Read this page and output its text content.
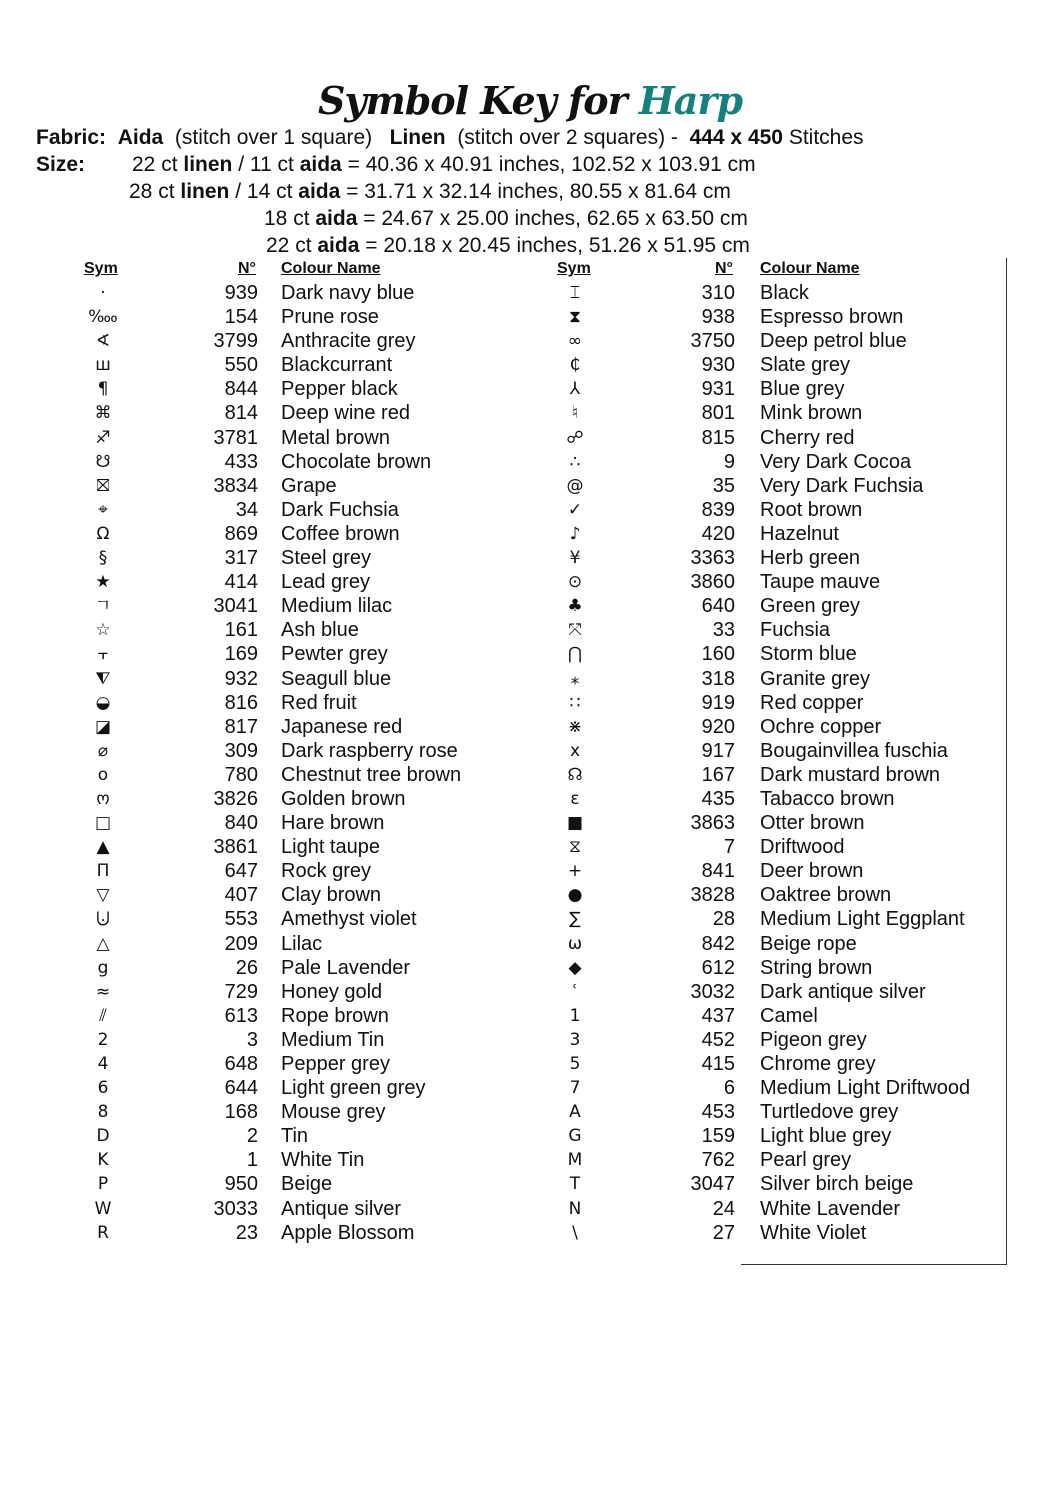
Symbol Key for Harp
Fabric: Aida (stitch over 1 square) Linen (stitch over 2 squares) - 444 x 450 Stitches
Size: 22 ct linen / 11 ct aida = 40.36 x 40.91 inches, 102.52 x 103.91 cm
28 ct linen / 14 ct aida = 31.71 x 32.14 inches, 80.55 x 81.64 cm
18 ct aida = 24.67 x 25.00 inches, 62.65 x 63.50 cm
22 ct aida = 20.18 x 20.45 inches, 51.26 x 51.95 cm
Sym	N° Colour Name	Sym	N° Colour Name
·	939 Dark navy blue
‱	154 Prune rose
∢	3799 Anthracite grey
ш	550 Blackcurrant
¶	844 Pepper black
⌘	814 Deep wine red
♐	3781 Metal brown
☋	433 Chocolate brown
⛝	3834 Grape
⌖	34 Dark Fuchsia
Ω	869 Coffee brown
§	317 Steel grey
★	414 Lead grey
ㄱ	3041 Medium lilac
☆	161 Ash blue
⫟	169 Pewter grey
⧨	932 Seagull blue
◒	816 Red fruit
◪	817 Japanese red
⌀	309 Dark raspberry rose
o	780 Chestnut tree brown
ო	3826 Golden brown
□	840 Hare brown
▲	3861 Light taupe
Π	647 Rock grey
▽	407 Clay brown
⨃	553 Amethyst violet
△	209 Lilac
g	26 Pale Lavender
≈	729 Honey gold
⫽	613 Rope brown
2	3 Medium Tin
4	648 Pepper grey
6	644 Light green grey
8	168 Mouse grey
D	2 Tin
K	1 White Tin
P	950 Beige
W	3033 Antique silver
R	23 Apple Blossom
⌶	310 Black
⧗	938 Espresso brown
∞	3750 Deep petrol blue
₵	930 Slate grey
⅄	931 Blue grey
♮	801 Mink brown
☍	815 Cherry red
∴	9 Very Dark Cocoa
@	35 Very Dark Fuchsia
✓	839 Root brown
♪	420 Hazelnut
¥	3363 Herb green
⊙	3860 Taupe mauve
♣	640 Green grey
⤧	33 Fuchsia
⋂	160 Storm blue
⁎	318 Granite grey
∷	919 Red copper
⋇	920 Ochre copper
x	917 Bougainvillea fuschia
☊	167 Dark mustard brown
ε	435 Tabacco brown
■	3863 Otter brown
⧖	7 Driftwood
+	841 Deer brown
●	3828 Oaktree brown
∑	28 Medium Light Eggplant
ω	842 Beige rope
◆	612 String brown
ʿ	3032 Dark antique silver
1	437 Camel
3	452 Pigeon grey
5	415 Chrome grey
7	6 Medium Light Driftwood
A	453 Turtledove grey
G	159 Light blue grey
M	762 Pearl grey
T	3047 Silver birch beige
N	24 White Lavender
\	27 White Violet
